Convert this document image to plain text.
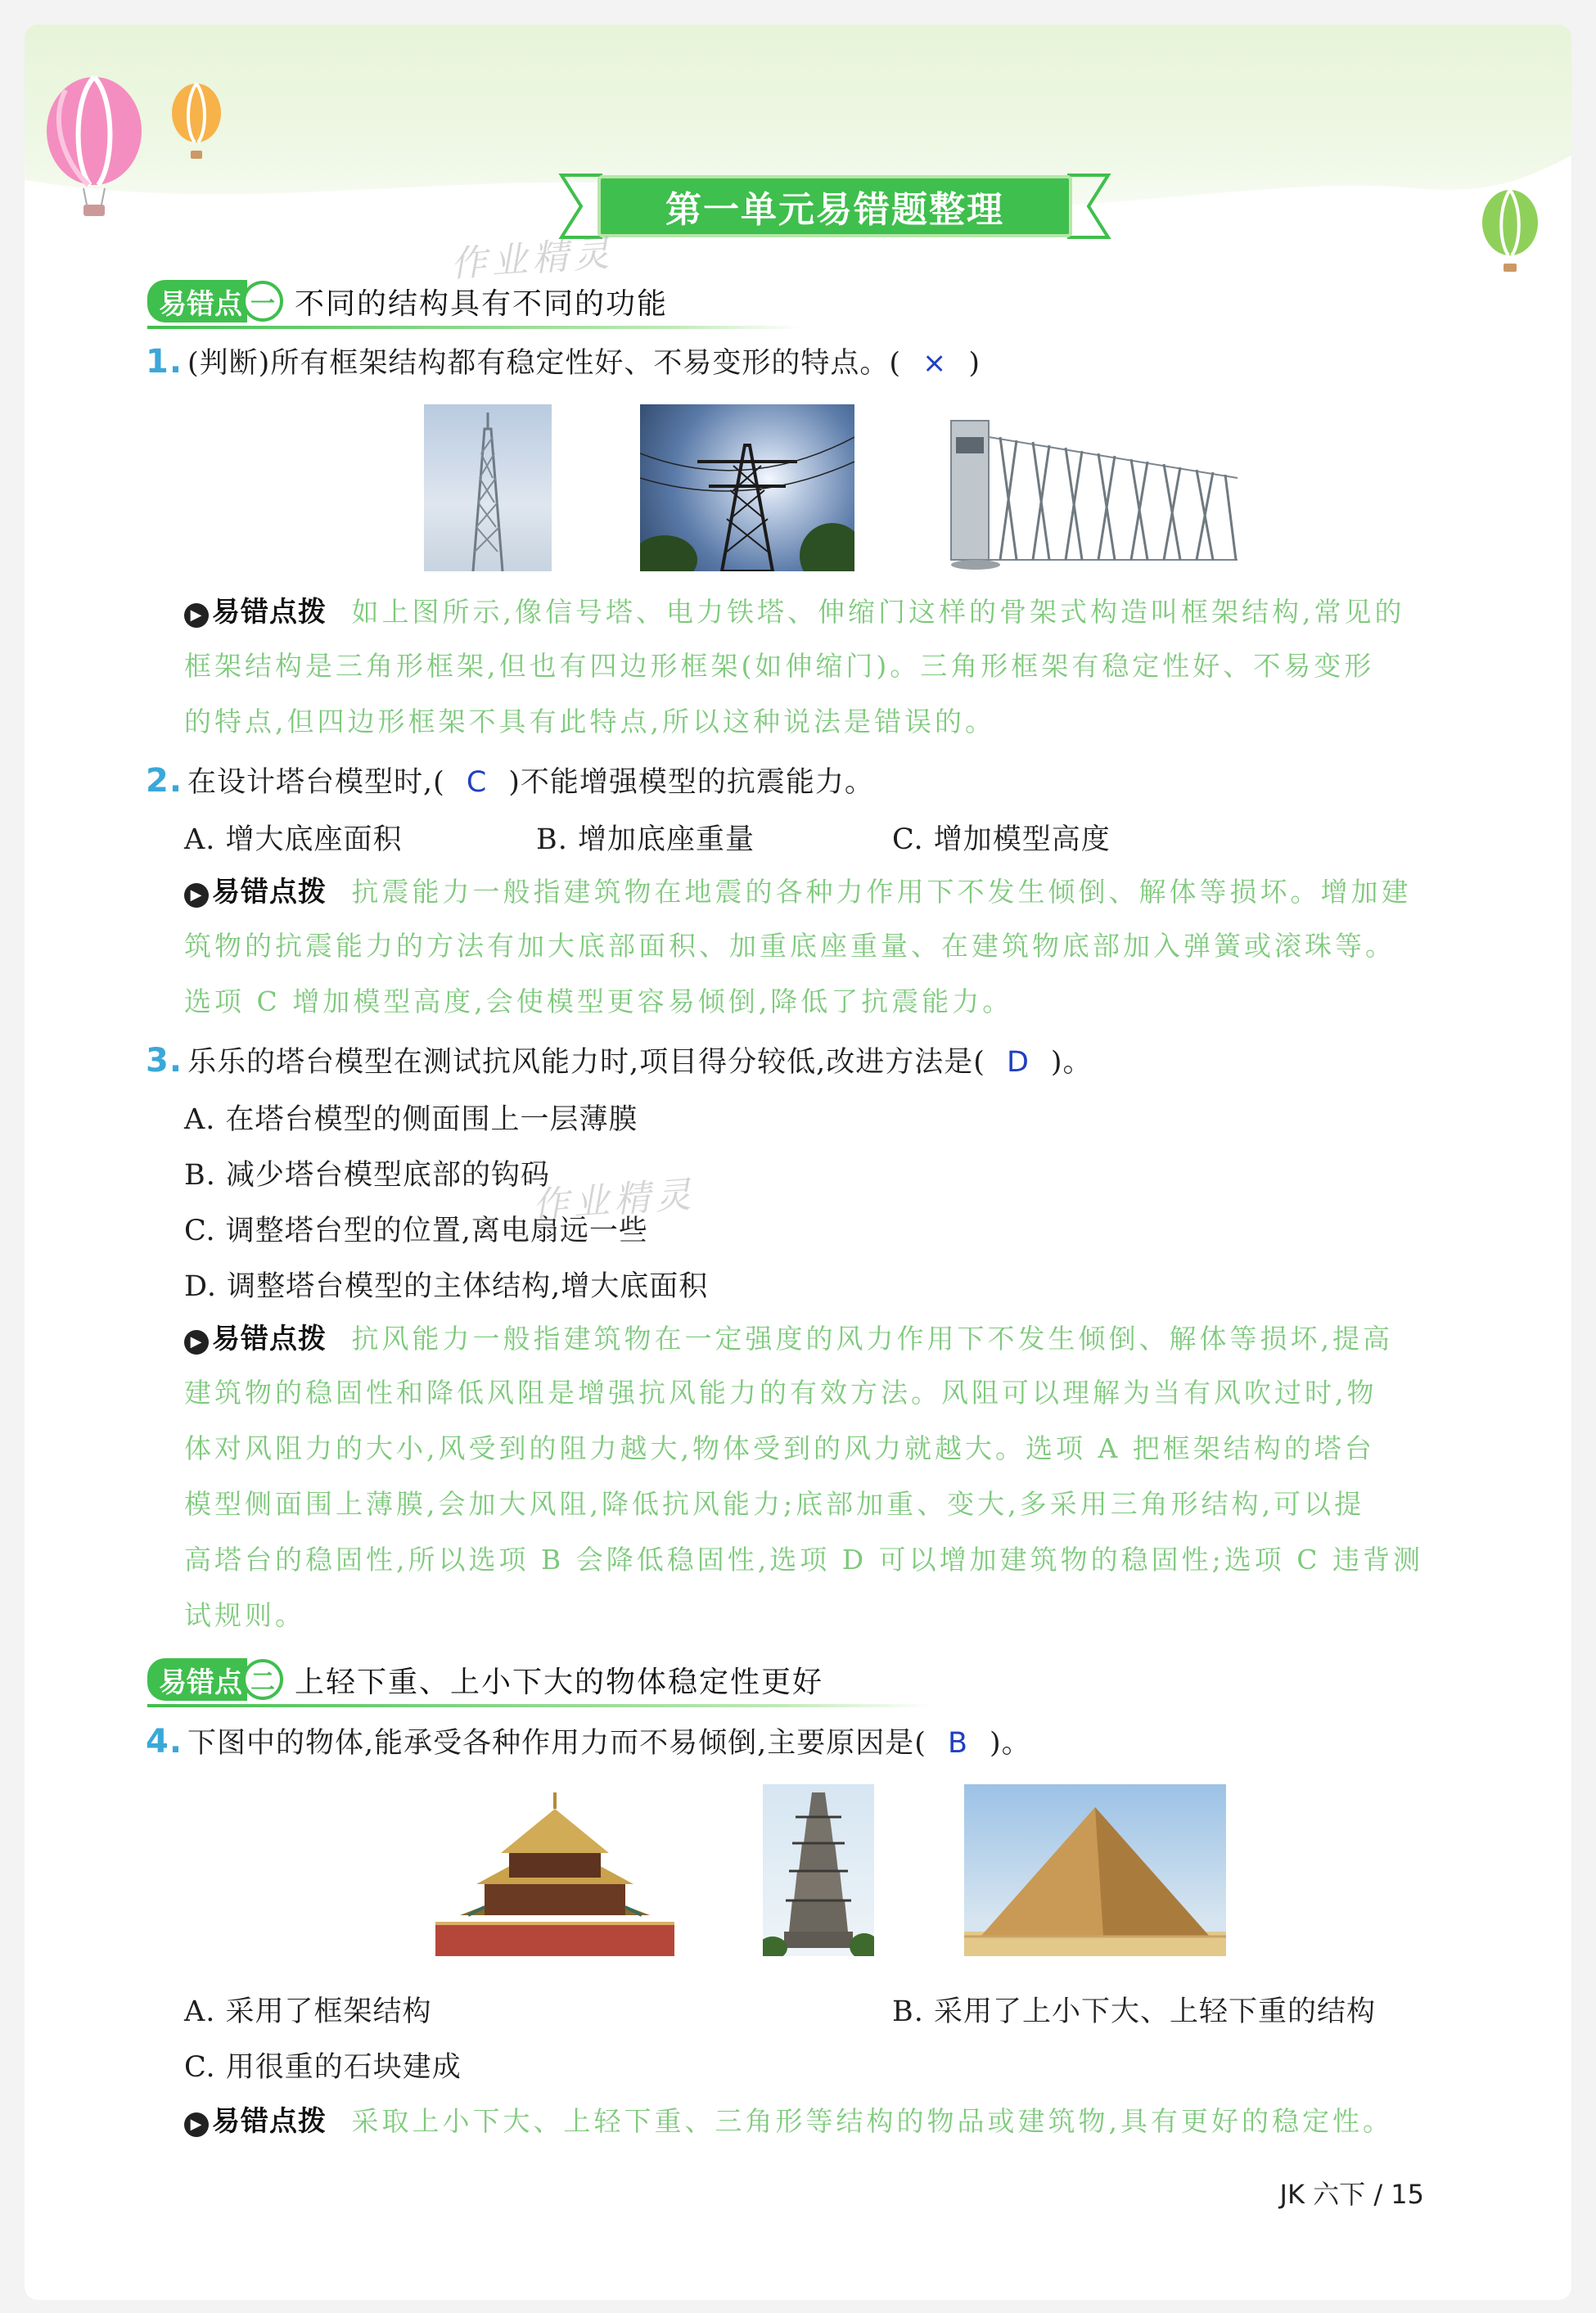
第一单元易错题整理
作业精灵
作业精灵
易错点 一 不同的结构具有不同的功能
1. (判断)所有框架结构都有稳定性好、不易变形的特点。( × )
▶ 易错点拨 如上图所示,像信号塔、电力铁塔、伸缩门这样的骨架式构造叫框架结构,常见的
框架结构是三角形框架,但也有四边形框架(如伸缩门)。三角形框架有稳定性好、不易变形
的特点,但四边形框架不具有此特点,所以这种说法是错误的。
2. 在设计塔台模型时,( C )不能增强模型的抗震能力。
A. 增大底座面积	B. 增加底座重量	C. 增加模型高度
▶ 易错点拨 抗震能力一般指建筑物在地震的各种力作用下不发生倾倒、解体等损坏。增加建
筑物的抗震能力的方法有加大底部面积、加重底座重量、在建筑物底部加入弹簧或滚珠等。
选项 C 增加模型高度,会使模型更容易倾倒,降低了抗震能力。
3. 乐乐的塔台模型在测试抗风能力时,项目得分较低,改进方法是( D )。
A. 在塔台模型的侧面围上一层薄膜
B. 减少塔台模型底部的钩码
C. 调整塔台型的位置,离电扇远一些
D. 调整塔台模型的主体结构,增大底面积
▶ 易错点拨 抗风能力一般指建筑物在一定强度的风力作用下不发生倾倒、解体等损坏,提高
建筑物的稳固性和降低风阻是增强抗风能力的有效方法。风阻可以理解为当有风吹过时,物
体对风阻力的大小,风受到的阻力越大,物体受到的风力就越大。选项 A 把框架结构的塔台
模型侧面围上薄膜,会加大风阻,降低抗风能力;底部加重、变大,多采用三角形结构,可以提
高塔台的稳固性,所以选项 B 会降低稳固性,选项 D 可以增加建筑物的稳固性;选项 C 违背测
试规则。
易错点 二 上轻下重、上小下大的物体稳定性更好
4. 下图中的物体,能承受各种作用力而不易倾倒,主要原因是( B )。
A. 采用了框架结构	B. 采用了上小下大、上轻下重的结构
C. 用很重的石块建成
▶ 易错点拨 采取上小下大、上轻下重、三角形等结构的物品或建筑物,具有更好的稳定性。
JK 六下 / 15
